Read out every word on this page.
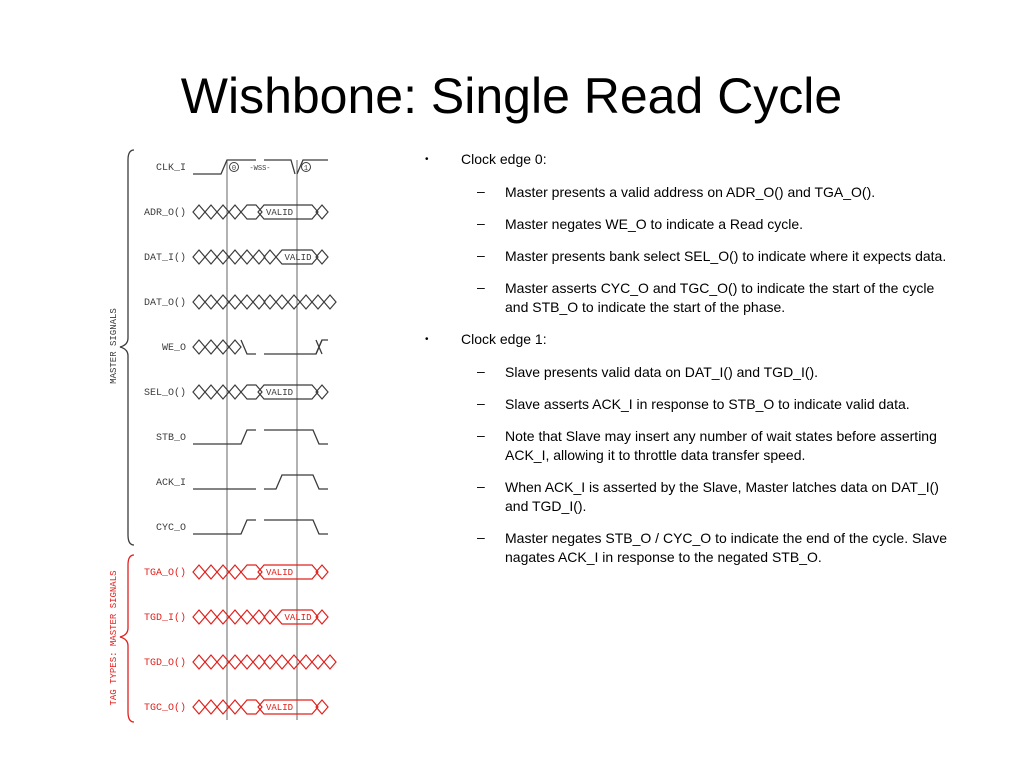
Wishbone: Single Read Cycle
MASTER SIGNALS
TAG TYPES: MASTER SIGNALS
CLK_I	0	1
-WSS-
ADR_O()	VALID
DAT_I()	VALID
DAT_O()
WE_O
SEL_O()	VALID
STB_O
ACK_I
CYC_O
TGA_O()	VALID
TGD_I()	VALID
TGD_O()
TGC_O()	VALID
• Clock edge 0:
– Master presents a valid address on ADR_O() and TGA_O().
– Master negates WE_O to indicate a Read cycle.
– Master presents bank select SEL_O() to indicate where it expects data.
– Master asserts CYC_O and TGC_O() to indicate the start of the cycle and STB_O to indicate the start of the phase.
• Clock edge 1:
– Slave presents valid data on DAT_I() and TGD_I().
– Slave asserts ACK_I in response to STB_O to indicate valid data.
– Note that Slave may insert any number of wait states before asserting ACK_I, allowing it to throttle data transfer speed.
– When ACK_I is asserted by the Slave, Master latches data on DAT_I() and TGD_I().
– Master negates STB_O / CYC_O to indicate the end of the cycle. Slave nagates ACK_I in response to the negated STB_O.
